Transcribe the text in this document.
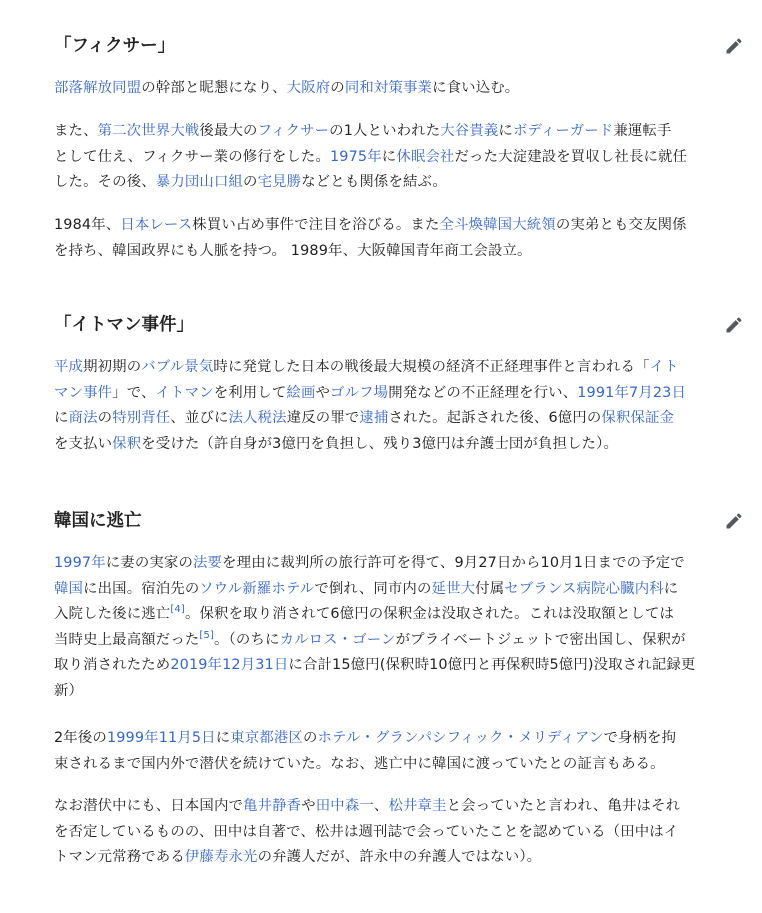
「フィクサー」

部落解放同盟の幹部と昵懇になり、大阪府の同和対策事業に食い込む。

また、第二次世界大戦後最大のフィクサーの1人といわれた大谷貴義にボディーガード兼運転手

として仕え、フィクサー業の修行をした。1975年に休眠会社だった大淀建設を買収し社長に就任

した。その後、暴力団山口組の宅見勝などとも関係を結ぶ。

1984年、日本レース株買い占め事件で注目を浴びる。また全斗煥韓国大統領の実弟とも交友関係

を持ち、韓国政界にも人脈を持つ。 1989年、大阪韓国青年商工会設立。

「イトマン事件」

平成期初期のバブル景気時に発覚した日本の戦後最大規模の経済不正経理事件と言われる「イト

マン事件」で、イトマンを利用して絵画やゴルフ場開発などの不正経理を行い、1991年7月23日

に商法の特別背任、並びに法人税法違反の罪で逮捕された。起訴された後、6億円の保釈保証金

を支払い保釈を受けた（許自身が3億円を負担し、残り3億円は弁護士団が負担した）。

韓国に逃亡

1997年に妻の実家の法要を理由に裁判所の旅行許可を得て、9月27日から10月1日までの予定で

韓国に出国。宿泊先のソウル新羅ホテルで倒れ、同市内の延世大付属セブランス病院心臓内科に

入院した後に逃亡[4]。保釈を取り消されて6億円の保釈金は没取された。これは没取額としては

当時史上最高額だった[5]。（のちにカルロス・ゴーンがプライベートジェットで密出国し、保釈が

取り消されたため2019年12月31日に合計15億円(保釈時10億円と再保釈時5億円)没取され記録更

新）

2年後の1999年11月5日に東京都港区のホテル・グランパシフィック・メリディアンで身柄を拘

束されるまで国内外で潜伏を続けていた。なお、逃亡中に韓国に渡っていたとの証言もある。

なお潜伏中にも、日本国内で亀井静香や田中森一、松井章圭と会っていたと言われ、亀井はそれ

を否定しているものの、田中は自著で、松井は週刊誌で会っていたことを認めている（田中はイ

トマン元常務である伊藤寿永光の弁護人だが、許永中の弁護人ではない）。
